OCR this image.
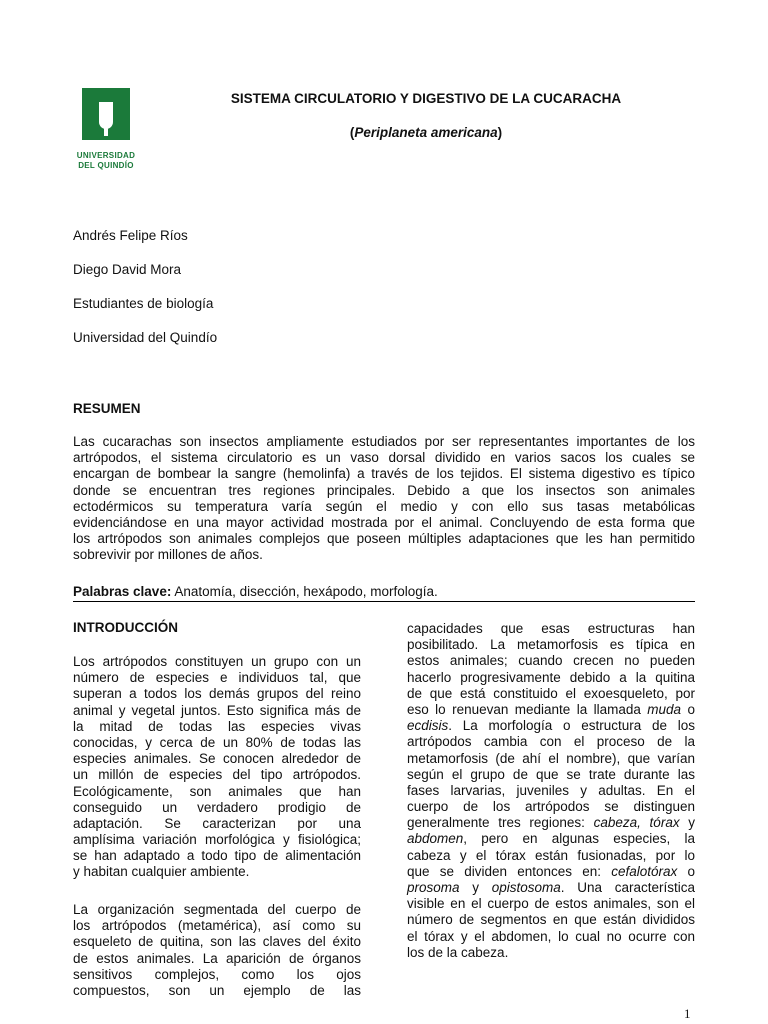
UNIVERSIDAD
DEL QUINDÍO
SISTEMA CIRCULATORIO Y DIGESTIVO DE LA CUCARACHA
(Periplaneta americana)
Andrés Felipe Ríos
Diego David Mora
Estudiantes de biología
Universidad del Quindío
RESUMEN
Las cucarachas son insectos ampliamente estudiados por ser representantes importantes de los
artrópodos, el sistema circulatorio es un vaso dorsal dividido en varios sacos los cuales se
encargan de bombear la sangre (hemolinfa) a través de los tejidos. El sistema digestivo es típico
donde se encuentran tres regiones principales. Debido a que los insectos son animales
ectodérmicos su temperatura varía según el medio y con ello sus tasas metabólicas
evidenciándose en una mayor actividad mostrada por el animal. Concluyendo de esta forma que
los artrópodos son animales complejos que poseen múltiples adaptaciones que les han permitido
sobrevivir por millones de años.
Palabras clave: Anatomía, disección, hexápodo, morfología.
INTRODUCCIÓN
Los artrópodos constituyen un grupo con un
número de especies e individuos tal, que
superan a todos los demás grupos del reino
animal y vegetal juntos. Esto significa más de
la mitad de todas las especies vivas
conocidas, y cerca de un 80% de todas las
especies animales. Se conocen alrededor de
un millón de especies del tipo artrópodos.
Ecológicamente, son animales que han
conseguido un verdadero prodigio de
adaptación. Se caracterizan por una
amplísima variación morfológica y fisiológica;
se han adaptado a todo tipo de alimentación
y habitan cualquier ambiente.
La organización segmentada del cuerpo de
los artrópodos (metamérica), así como su
esqueleto de quitina, son las claves del éxito
de estos animales. La aparición de órganos
sensitivos complejos, como los ojos
compuestos, son un ejemplo de las
capacidades que esas estructuras han
posibilitado. La metamorfosis es típica en
estos animales; cuando crecen no pueden
hacerlo progresivamente debido a la quitina
de que está constituido el exoesqueleto, por
eso lo renuevan mediante la llamada muda o
ecdisis. La morfología o estructura de los
artrópodos cambia con el proceso de la
metamorfosis (de ahí el nombre), que varían
según el grupo de que se trate durante las
fases larvarias, juveniles y adultas. En el
cuerpo de los artrópodos se distinguen
generalmente tres regiones: cabeza, tórax y
abdomen, pero en algunas especies, la
cabeza y el tórax están fusionadas, por lo
que se dividen entonces en: cefalotórax o
prosoma y opistosoma. Una característica
visible en el cuerpo de estos animales, son el
número de segmentos en que están divididos
el tórax y el abdomen, lo cual no ocurre con
los de la cabeza.
1
